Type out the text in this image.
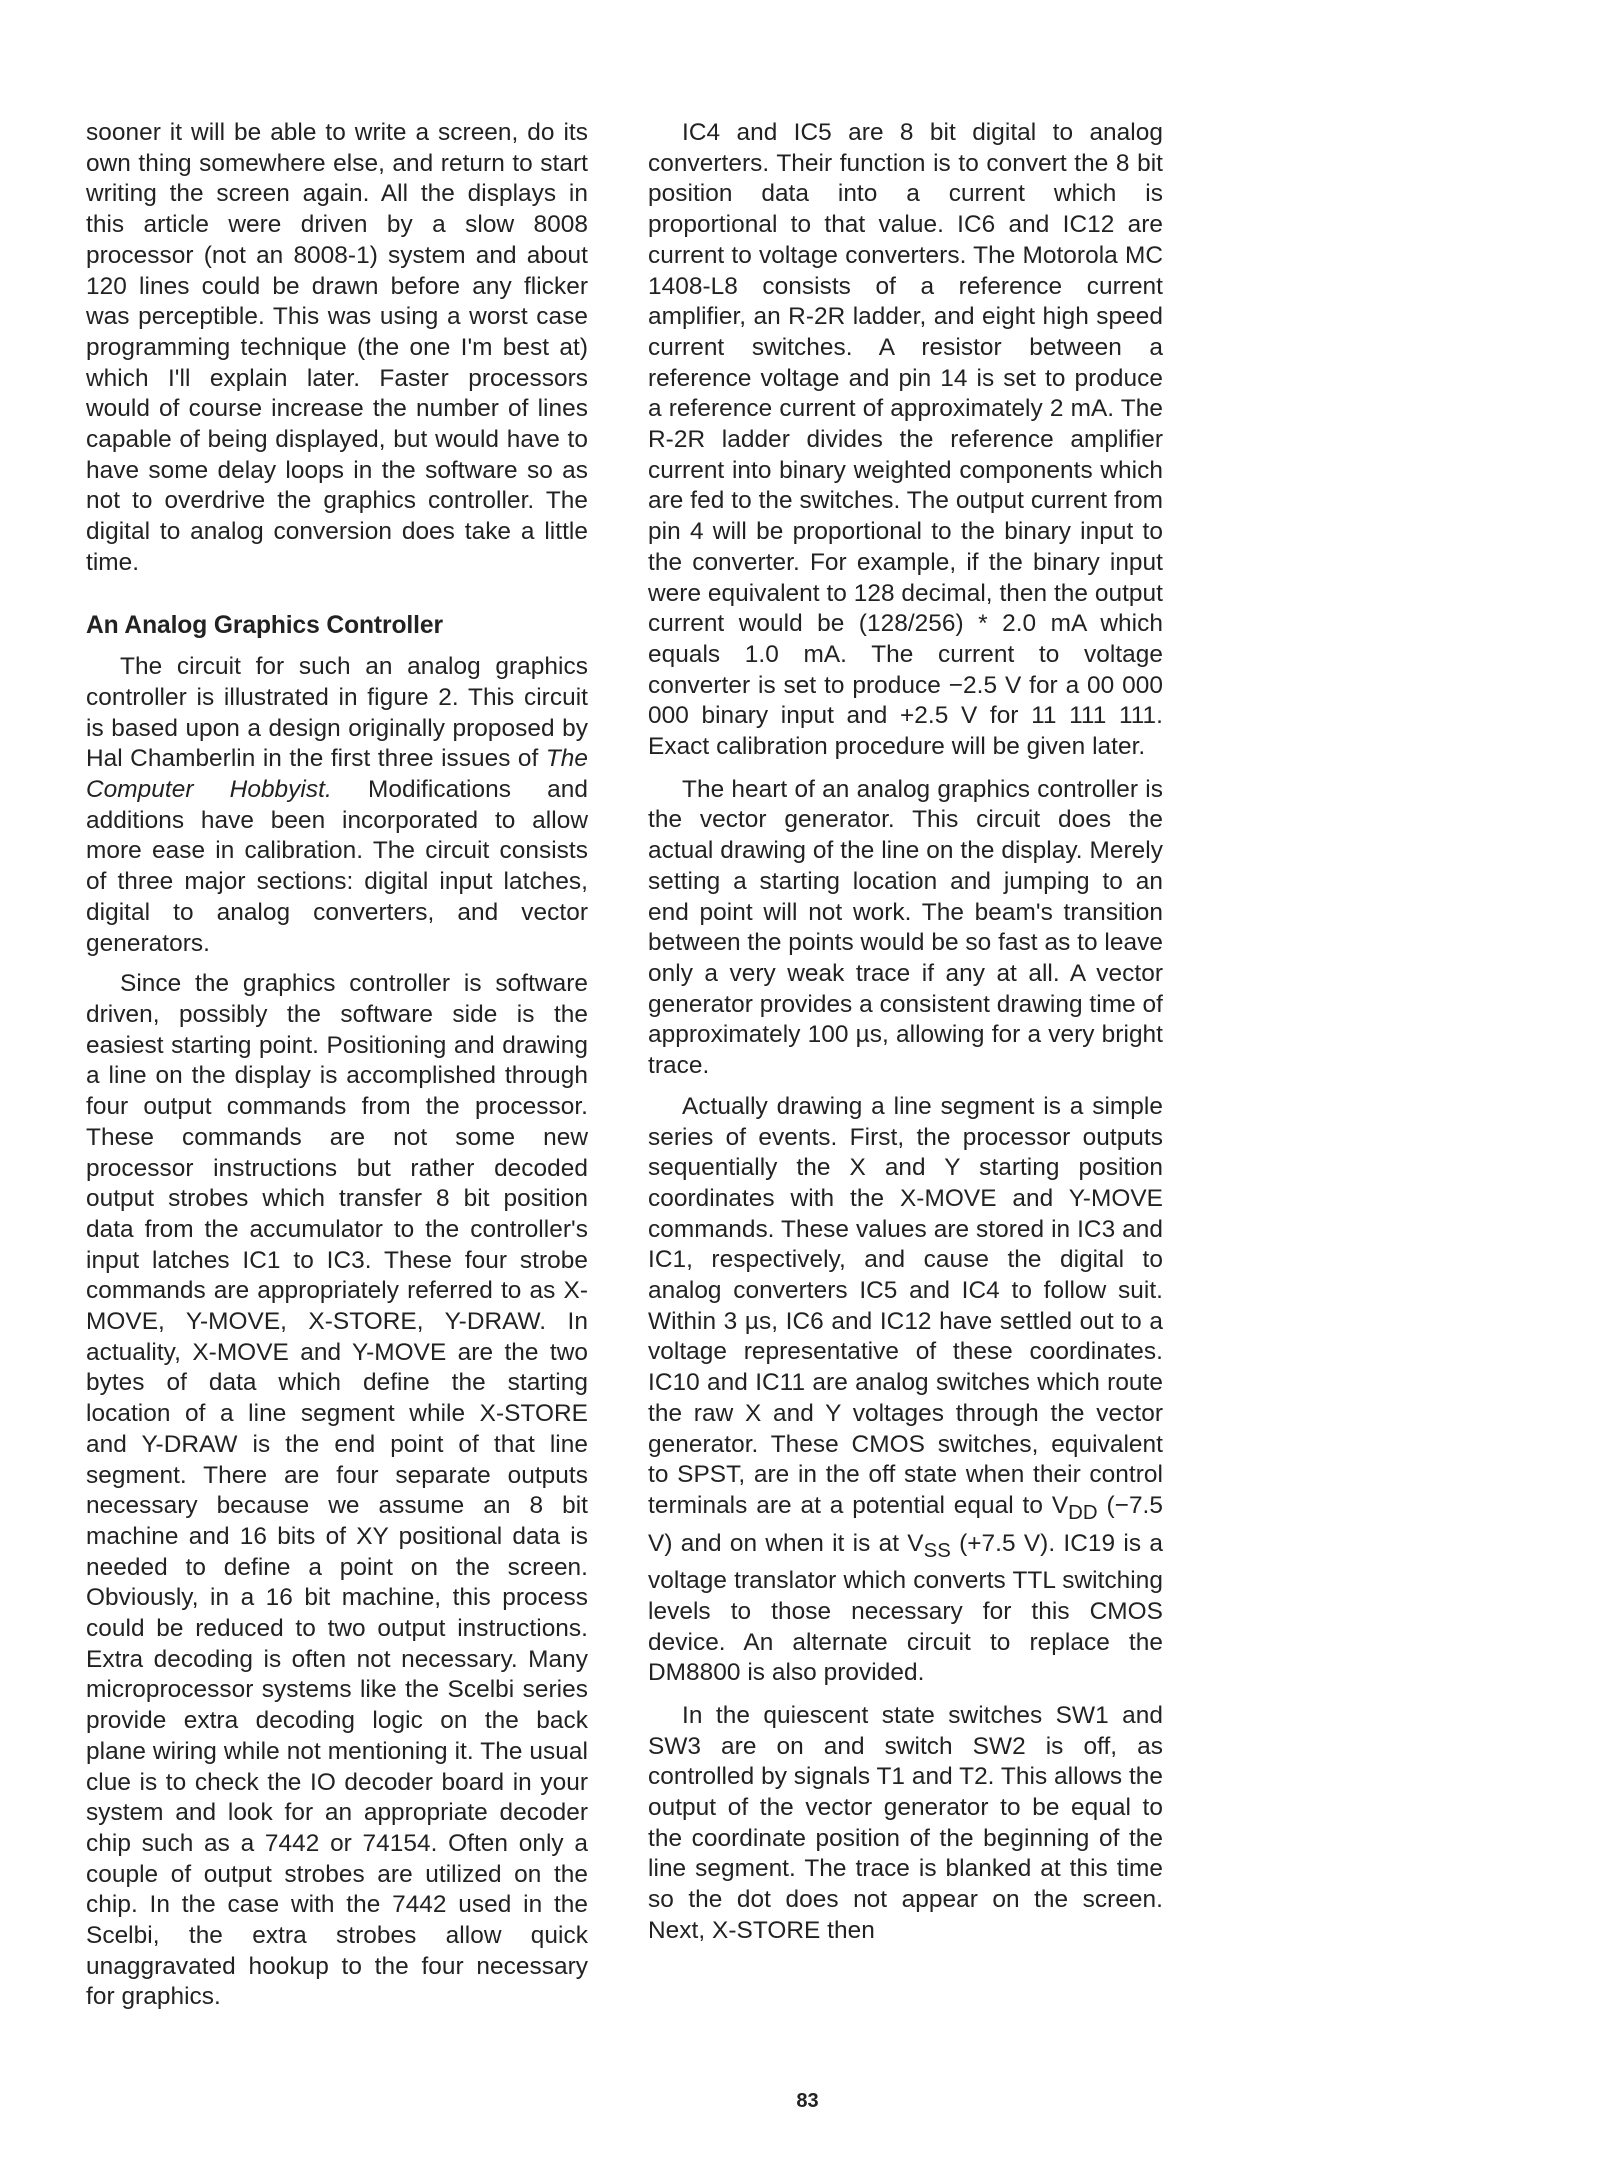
sooner it will be able to write a screen, do its own thing somewhere else, and return to start writing the screen again. All the displays in this article were driven by a slow 8008 processor (not an 8008-1) system and about 120 lines could be drawn before any flicker was perceptible. This was using a worst case programming technique (the one I'm best at) which I'll explain later. Faster processors would of course increase the number of lines capable of being displayed, but would have to have some delay loops in the software so as not to overdrive the graphics controller. The digital to analog conversion does take a little time.

An Analog Graphics Controller

The circuit for such an analog graphics controller is illustrated in figure 2. This circuit is based upon a design originally proposed by Hal Chamberlin in the first three issues of The Computer Hobbyist. Modifications and additions have been incorporated to allow more ease in calibration. The circuit consists of three major sections: digital input latches, digital to analog converters, and vector generators.

Since the graphics controller is software driven, possibly the software side is the easiest starting point. Positioning and drawing a line on the display is accomplished through four output commands from the processor. These commands are not some new processor instructions but rather decoded output strobes which transfer 8 bit position data from the accumulator to the controller's input latches IC1 to IC3. These four strobe commands are appropriately referred to as X-MOVE, Y-MOVE, X-STORE, Y-DRAW. In actuality, X-MOVE and Y-MOVE are the two bytes of data which define the starting location of a line segment while X-STORE and Y-DRAW is the end point of that line segment. There are four separate outputs necessary because we assume an 8 bit machine and 16 bits of XY positional data is needed to define a point on the screen. Obviously, in a 16 bit machine, this process could be reduced to two output instructions. Extra decoding is often not necessary. Many microprocessor systems like the Scelbi series provide extra decoding logic on the back plane wiring while not mentioning it. The usual clue is to check the IO decoder board in your system and look for an appropriate decoder chip such as a 7442 or 74154. Often only a couple of output strobes are utilized on the chip. In the case with the 7442 used in the Scelbi, the extra strobes allow quick unaggravated hookup to the four necessary for graphics.

IC4 and IC5 are 8 bit digital to analog converters. Their function is to convert the 8 bit position data into a current which is proportional to that value. IC6 and IC12 are current to voltage converters. The Motorola MC 1408-L8 consists of a reference current amplifier, an R-2R ladder, and eight high speed current switches. A resistor between a reference voltage and pin 14 is set to produce a reference current of approximately 2 mA. The R-2R ladder divides the reference amplifier current into binary weighted components which are fed to the switches. The output current from pin 4 will be proportional to the binary input to the converter. For example, if the binary input were equivalent to 128 decimal, then the output current would be (128/256) * 2.0 mA which equals 1.0 mA. The current to voltage converter is set to produce −2.5 V for a 00 000 000 binary input and +2.5 V for 11 111 111. Exact calibration procedure will be given later.

The heart of an analog graphics controller is the vector generator. This circuit does the actual drawing of the line on the display. Merely setting a starting location and jumping to an end point will not work. The beam's transition between the points would be so fast as to leave only a very weak trace if any at all. A vector generator provides a consistent drawing time of approximately 100 µs, allowing for a very bright trace.

Actually drawing a line segment is a simple series of events. First, the processor outputs sequentially the X and Y starting position coordinates with the X-MOVE and Y-MOVE commands. These values are stored in IC3 and IC1, respectively, and cause the digital to analog converters IC5 and IC4 to follow suit. Within 3 µs, IC6 and IC12 have settled out to a voltage representative of these coordinates. IC10 and IC11 are analog switches which route the raw X and Y voltages through the vector generator. These CMOS switches, equivalent to SPST, are in the off state when their control terminals are at a potential equal to $V_{DD}$ (−7.5 V) and on when it is at $V_{SS}$ (+7.5 V). IC19 is a voltage translator which converts TTL switching levels to those necessary for this CMOS device. An alternate circuit to replace the DM8800 is also provided.

In the quiescent state switches SW1 and SW3 are on and switch SW2 is off, as controlled by signals T1 and T2. This allows the output of the vector generator to be equal to the coordinate position of the beginning of the line segment. The trace is blanked at this time so the dot does not appear on the screen. Next, X-STORE then

83
